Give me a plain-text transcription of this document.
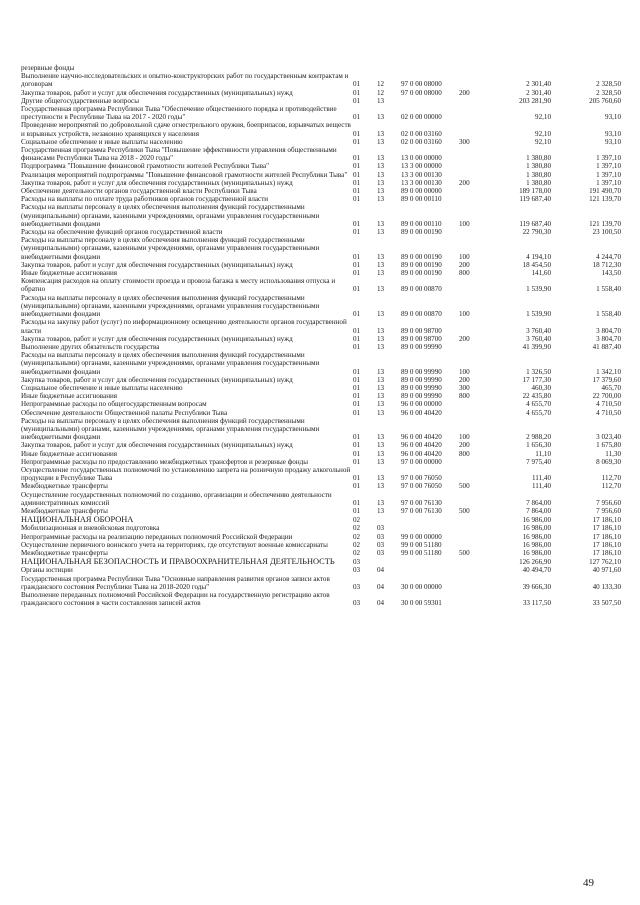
резервные фонды						
Выполнение научно-исследовательских и опытно-конструкторских работ по государственным контрактам и договорам	01	12	97 0 00 08000		2 301,40	2 328,50
Закупка товаров, работ и услуг для обеспечения государственных (муниципальных) нужд	01	12	97 0 00 08000	200	2 301,40	2 328,50
Другие общегосударственные вопросы	01	13			203 281,90	205 760,60
Государственная программа Республики Тыва "Обеспечение общественного порядка и противодействие преступности в Республике Тыва на 2017 - 2020 годы"	01	13	02 0 00 00000		92,10	93,10
Проведение мероприятий по добровольной сдаче огнестрельного оружия, боеприпасов, взрывчатых веществ и взрывных устройств, незаконно хранящихся у населения	01	13	02 0 00 03160		92,10	93,10
Социальное обеспечение и иные выплаты населению	01	13	02 0 00 03160	300	92,10	93,10
Государственная программа Республики Тыва "Повышение эффективности управления общественными финансами Республики Тыва на 2018 - 2020 годы"	01	13	13 0 00 00000		1 380,80	1 397,10
Подпрограмма "Повышение финансовой грамотности жителей Республики Тыва"	01	13	13 3 00 00000		1 380,80	1 397,10
Реализация мероприятий подпрограммы "Повышение финансовой грамотности жителей Республики Тыва"	01	13	13 3 00 00130		1 380,80	1 397,10
Закупка товаров, работ и услуг для обеспечения государственных (муниципальных) нужд	01	13	13 3 00 00130	200	1 380,80	1 397,10
Обеспечение деятельности органов государственной власти Республики Тыва	01	13	89 0 00 00000		189 178,00	191 490,70
Расходы на выплаты по оплате труда работников органов государственной власти	01	13	89 0 00 00110		119 687,40	121 139,70
Расходы на выплаты персоналу в целях обеспечения выполнения функций государственными (муниципальными) органами, казенными учреждениями, органами управления государственными внебюджетными фондами	01	13	89 0 00 00110	100	119 687,40	121 139,70
Расходы на обеспечение функций органов государственной власти	01	13	89 0 00 00190		22 790,30	23 100,50
Расходы на выплаты персоналу в целях обеспечения выполнения функций государственными (муниципальными) органами, казенными учреждениями, органами управления государственными внебюджетными фондами	01	13	89 0 00 00190	100	4 194,10	4 244,70
Закупка товаров, работ и услуг для обеспечения государственных (муниципальных) нужд	01	13	89 0 00 00190	200	18 454,50	18 712,30
Иные бюджетные ассигнования	01	13	89 0 00 00190	800	141,60	143,50
Компенсация расходов на оплату стоимости проезда и провоза багажа к месту использования отпуска и обратно	01	13	89 0 00 00870		1 539,90	1 558,40
Расходы на выплаты персоналу в целях обеспечения выполнения функций государственными (муниципальными) органами, казенными учреждениями, органами управления государственными внебюджетными фондами	01	13	89 0 00 00870	100	1 539,90	1 558,40
Расходы на закупку работ (услуг) по информационному освещению деятельности органов государственной власти	01	13	89 0 00 98700		3 760,40	3 804,70
Закупка товаров, работ и услуг для обеспечения государственных (муниципальных) нужд	01	13	89 0 00 98700	200	3 760,40	3 804,70
Выполнение других обязательств государства	01	13	89 0 00 99990		41 399,90	41 887,40
Расходы на выплаты персоналу в целях обеспечения выполнения функций государственными (муниципальными) органами, казенными учреждениями, органами управления государственными внебюджетными фондами	01	13	89 0 00 99990	100	1 326,50	1 342,10
Закупка товаров, работ и услуг для обеспечения государственных (муниципальных) нужд	01	13	89 0 00 99990	200	17 177,30	17 379,60
Социальное обеспечение и иные выплаты населению	01	13	89 0 00 99990	300	460,30	465,70
Иные бюджетные ассигнования	01	13	89 0 00 99990	800	22 435,80	22 700,00
Непрограммные расходы по общегосударственным вопросам	01	13	96 0 00 00000		4 655,70	4 710,50
Обеспечение деятельности Общественной палаты Республики Тыва	01	13	96 0 00 40420		4 655,70	4 710,50
Расходы на выплаты персоналу в целях обеспечения выполнения функций государственными (муниципальными) органами, казенными учреждениями, органами управления государственными внебюджетными фондами	01	13	96 0 00 40420	100	2 988,20	3 023,40
Закупка товаров, работ и услуг для обеспечения государственных (муниципальных) нужд	01	13	96 0 00 40420	200	1 656,30	1 675,80
Иные бюджетные ассигнования	01	13	96 0 00 40420	800	11,10	11,30
Непрограммные расходы по предоставлению межбюджетных трансфертов и резервные фонды	01	13	97 0 00 00000		7 975,40	8 069,30
Осуществление государственных полномочий по установлению запрета на розничную продажу алкогольной продукции в Республике Тыва	01	13	97 0 00 76050		111,40	112,70
Межбюджетные трансферты	01	13	97 0 00 76050	500	111,40	112,70
Осуществление государственных полномочий по созданию, организации и обеспечению деятельности административных комиссий	01	13	97 0 00 76130		7 864,00	7 956,60
Межбюджетные трансферты	01	13	97 0 00 76130	500	7 864,00	7 956,60
НАЦИОНАЛЬНАЯ ОБОРОНА	02				16 986,00	17 186,10
Мобилизационная и вневойсковая подготовка	02	03			16 986,00	17 186,10
Непрограммные расходы на реализацию переданных полномочий Российской Федерации	02	03	99 0 00 00000		16 986,00	17 186,10
Осуществление первичного воинского учета на территориях, где отсутствуют военные комиссариаты	02	03	99 0 00 51180		16 986,00	17 186,10
Межбюджетные трансферты	02	03	99 0 00 51180	500	16 986,00	17 186,10
НАЦИОНАЛЬНАЯ БЕЗОПАСНОСТЬ И ПРАВООХРАНИТЕЛЬНАЯ ДЕЯТЕЛЬНОСТЬ	03				126 266,90	127 762,10
Органы юстиции	03	04			40 494,70	40 971,60
Государственная программа Республики Тыва "Основные направления развития органов записи актов гражданского состояния Республики Тыва на 2018-2020 годы"	03	04	30 0 00 00000		39 666,30	40 133,30
Выполнение переданных полномочий Российской Федерации на государственную регистрацию актов гражданского состояния в части составления записей актов	03	04	30 0 00 59301		33 117,50	33 507,50
49
